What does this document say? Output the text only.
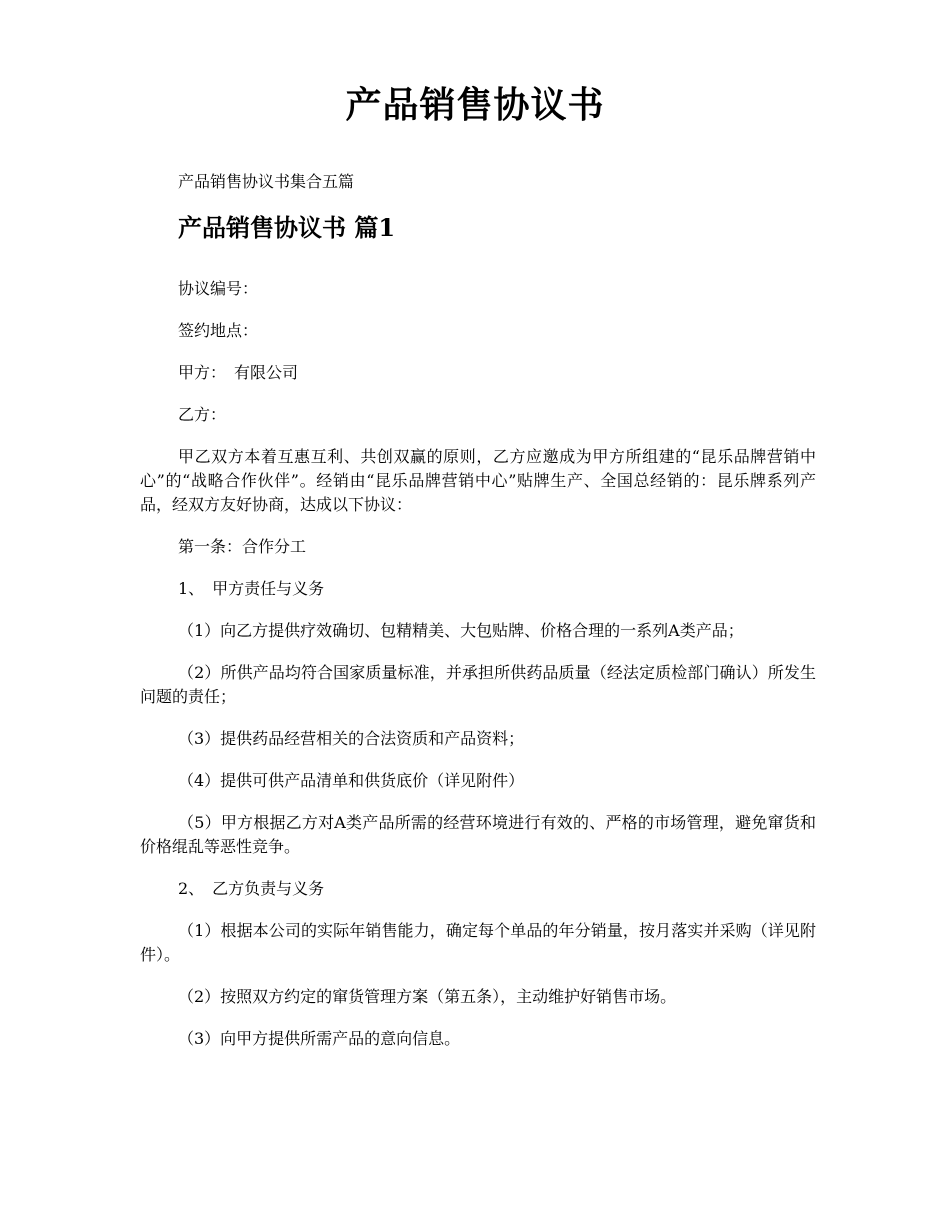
产品销售协议书
产品销售协议书集合五篇
产品销售协议书 篇1

协议编号：

签约地点：

甲方：　有限公司

乙方：

甲乙双方本着互惠互利、共创双赢的原则，乙方应邀成为甲方所组建的“昆乐品牌营销中心”的“战略合作伙伴”。经销由“昆乐品牌营销中心”贴牌生产、全国总经销的：昆乐牌系列产品，经双方友好协商，达成以下协议：

第一条：合作分工

1、　甲方责任与义务

（1）向乙方提供疗效确切、包精精美、大包贴牌、价格合理的一系列A类产品；

（2）所供产品均符合国家质量标准，并承担所供药品质量（经法定质检部门确认）所发生问题的责任；

（3）提供药品经营相关的合法资质和产品资料；

（4）提供可供产品清单和供货底价（详见附件）

（5）甲方根据乙方对A类产品所需的经营环境进行有效的、严格的市场管理，避免窜货和价格绲乱等恶性竞争。

2、　乙方负责与义务

（1）根据本公司的实际年销售能力，确定每个单品的年分销量，按月落实并采购（详见附件）。

（2）按照双方约定的窜货管理方案（第五条），主动维护好销售市场。

（3）向甲方提供所需产品的意向信息。
